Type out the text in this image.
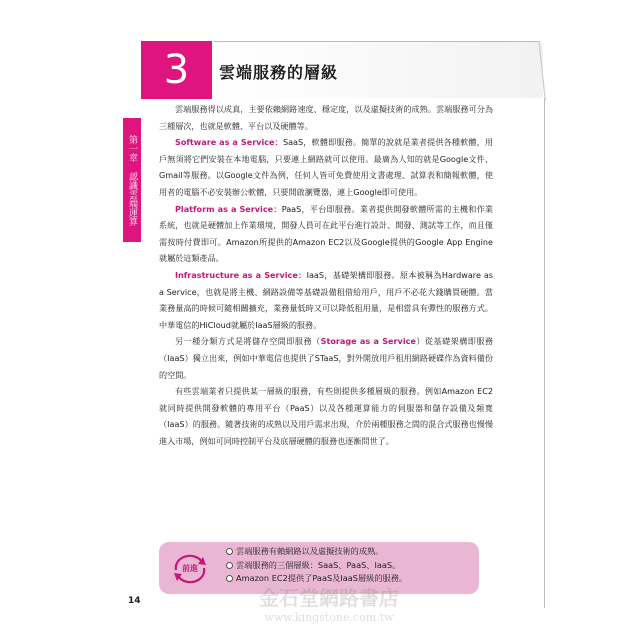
3 雲端服務的層級
第一章 認識雲端運算

雲端服務得以成真，主要依賴網路速度、穩定度，以及虛擬技術的成熟。雲端服務可分為三種層次，也就是軟體、平台以及硬體等。

Software as a Service：SaaS，軟體即服務。簡單的說就是業者提供各種軟體，用戶無須將它們安裝在本地電腦，只要連上網路就可以使用。最廣為人知的就是Google文件、Gmail等服務。以Google文件為例，任何人皆可免費使用文書處理、試算表和簡報軟體，使用者的電腦不必安裝辦公軟體，只要開啟瀏覽器，連上Google即可使用。

Platform as a Service：PaaS，平台即服務。業者提供開發軟體所需的主機和作業系統，也就是硬體加上作業環境，開發人員可在此平台進行設計、開發、測試等工作，而且僅需按時付費即可。Amazon所提供的Amazon EC2以及Google提供的Google App Engine就屬於這類產品。

Infrastructure as a Service：IaaS，基礎架構即服務。原本被稱為Hardware as a Service，也就是將主機、網路設備等基礎設備租借給用戶，用戶不必花大錢購買硬體。當業務量高的時候可隨相關擴充，業務量低時又可以降低租用量，是相當具有彈性的服務方式。中華電信的HiCloud就屬於IaaS層級的服務。

另一種分類方式是將儲存空間即服務（Storage as a Service）從基礎架構即服務（IaaS）獨立出來，例如中華電信也提供了STaaS，對外開放用戶租用網路硬碟作為資料備份的空間。

有些雲端業者只提供某一層級的服務，有些則提供多種層級的服務。例如Amazon EC2就同時提供開發軟體的專用平台（PaaS）以及各種運算能力的伺服器和儲存設備及頻寬（IaaS）的服務。隨著技術的成熟以及用戶需求出現，介於兩種服務之間的混合式服務也慢慢進入市場，例如可同時控制平台及底層硬體的服務也逐漸問世了。

前進
雲端服務有賴網路以及虛擬技術的成熟。
雲端服務的三個層級：SaaS、PaaS、IaaS。
Amazon EC2提供了PaaS及IaaS層級的服務。
14	金石堂網路書店
www.kingstone.com.tw
